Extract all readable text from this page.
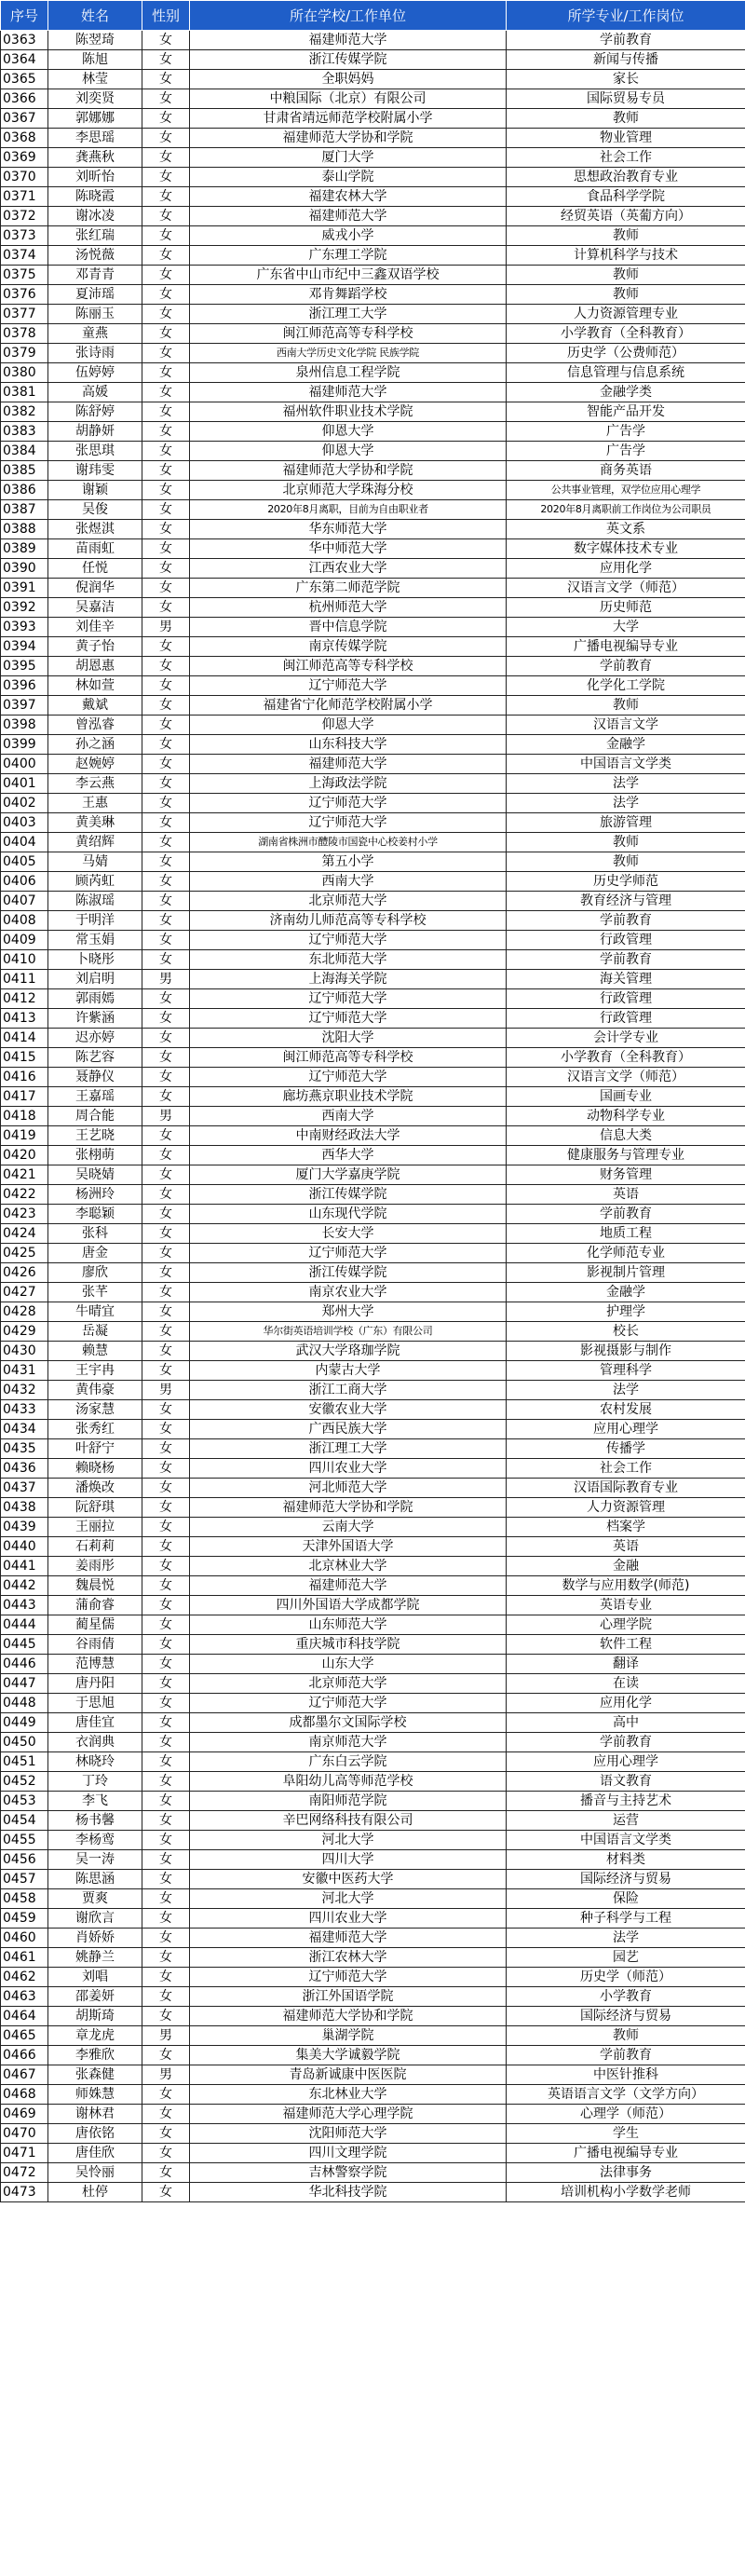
序号	姓名	性别	所在学校/工作单位	所学专业/工作岗位
0363	陈翌琦	女	福建师范大学	学前教育
0364	陈旭	女	浙江传媒学院	新闻与传播
0365	林莹	女	全职妈妈	家长
0366	刘奕贤	女	中粮国际（北京）有限公司	国际贸易专员
0367	郭娜娜	女	甘肃省靖远师范学校附属小学	教师
0368	李思瑶	女	福建师范大学协和学院	物业管理
0369	龚燕秋	女	厦门大学	社会工作
0370	刘昕怡	女	泰山学院	思想政治教育专业
0371	陈晓霞	女	福建农林大学	食品科学学院
0372	谢冰凌	女	福建师范大学	经贸英语（英葡方向）
0373	张红瑞	女	威戎小学	教师
0374	汤悦薇	女	广东理工学院	计算机科学与技术
0375	邓青青	女	广东省中山市纪中三鑫双语学校	教师
0376	夏沛瑶	女	邓肯舞蹈学校	教师
0377	陈丽玉	女	浙江理工大学	人力资源管理专业
0378	童燕	女	闽江师范高等专科学校	小学教育（全科教育）
0379	张诗雨	女	西南大学历史文化学院 民族学院	历史学（公费师范）
0380	伍婷婷	女	泉州信息工程学院	信息管理与信息系统
0381	高媛	女	福建师范大学	金融学类
0382	陈舒婷	女	福州软件职业技术学院	智能产品开发
0383	胡静妍	女	仰恩大学	广告学
0384	张思琪	女	仰恩大学	广告学
0385	谢玮雯	女	福建师范大学协和学院	商务英语
0386	谢颖	女	北京师范大学珠海分校	公共事业管理，双学位应用心理学
0387	吴俊	女	2020年8月离职，目前为自由职业者	2020年8月离职前工作岗位为公司职员
0388	张煜淇	女	华东师范大学	英文系
0389	苗雨虹	女	华中师范大学	数字媒体技术专业
0390	任悦	女	江西农业大学	应用化学
0391	倪润华	女	广东第二师范学院	汉语言文学（师范）
0392	吴嘉洁	女	杭州师范大学	历史师范
0393	刘佳辛	男	晋中信息学院	大学
0394	黄子怡	女	南京传媒学院	广播电视编导专业
0395	胡恩惠	女	闽江师范高等专科学校	学前教育
0396	林如萱	女	辽宁师范大学	化学化工学院
0397	戴斌	女	福建省宁化师范学校附属小学	教师
0398	曾泓睿	女	仰恩大学	汉语言文学
0399	孙之涵	女	山东科技大学	金融学
0400	赵婉婷	女	福建师范大学	中国语言文学类
0401	李云燕	女	上海政法学院	法学
0402	王惠	女	辽宁师范大学	法学
0403	黄美琳	女	辽宁师范大学	旅游管理
0404	黄绍辉	女	湖南省株洲市醴陵市国瓷中心校姜村小学	教师
0405	马婧	女	第五小学	教师
0406	顾芮虹	女	西南大学	历史学师范
0407	陈淑瑶	女	北京师范大学	教育经济与管理
0408	于明洋	女	济南幼儿师范高等专科学校	学前教育
0409	常玉娟	女	辽宁师范大学	行政管理
0410	卜晓彤	女	东北师范大学	学前教育
0411	刘启明	男	上海海关学院	海关管理
0412	郭雨嫣	女	辽宁师范大学	行政管理
0413	许紫涵	女	辽宁师范大学	行政管理
0414	迟亦婷	女	沈阳大学	会计学专业
0415	陈艺容	女	闽江师范高等专科学校	小学教育（全科教育）
0416	聂静仪	女	辽宁师范大学	汉语言文学（师范）
0417	王嘉瑶	女	廊坊燕京职业技术学院	国画专业
0418	周合能	男	西南大学	动物科学专业
0419	王艺晓	女	中南财经政法大学	信息大类
0420	张栩萌	女	西华大学	健康服务与管理专业
0421	吴晓婧	女	厦门大学嘉庚学院	财务管理
0422	杨洲玲	女	浙江传媒学院	英语
0423	李聪颖	女	山东现代学院	学前教育
0424	张科	女	长安大学	地质工程
0425	唐金	女	辽宁师范大学	化学师范专业
0426	廖欣	女	浙江传媒学院	影视制片管理
0427	张芊	女	南京农业大学	金融学
0428	牛晴宜	女	郑州大学	护理学
0429	岳凝	女	华尔街英语培训学校（广东）有限公司	校长
0430	赖慧	女	武汉大学珞珈学院	影视摄影与制作
0431	王宇冉	女	内蒙古大学	管理科学
0432	黄伟豪	男	浙江工商大学	法学
0433	汤家慧	女	安徽农业大学	农村发展
0434	张秀红	女	广西民族大学	应用心理学
0435	叶舒宁	女	浙江理工大学	传播学
0436	赖晓杨	女	四川农业大学	社会工作
0437	潘焕改	女	河北师范大学	汉语国际教育专业
0438	阮舒琪	女	福建师范大学协和学院	人力资源管理
0439	王丽拉	女	云南大学	档案学
0440	石莉莉	女	天津外国语大学	英语
0441	姜雨彤	女	北京林业大学	金融
0442	魏晨悦	女	福建师范大学	数学与应用数学(师范)
0443	蒲俞睿	女	四川外国语大学成都学院	英语专业
0444	蔺星儒	女	山东师范大学	心理学院
0445	谷雨倩	女	重庆城市科技学院	软件工程
0446	范博慧	女	山东大学	翻译
0447	唐丹阳	女	北京师范大学	在读
0448	于思旭	女	辽宁师范大学	应用化学
0449	唐佳宜	女	成都墨尔文国际学校	高中
0450	衣润典	女	南京师范大学	学前教育
0451	林晓玲	女	广东白云学院	应用心理学
0452	丁玲	女	阜阳幼儿高等师范学校	语文教育
0453	李飞	女	南阳师范学院	播音与主持艺术
0454	杨书馨	女	辛巴网络科技有限公司	运营
0455	李杨鸾	女	河北大学	中国语言文学类
0456	吴一涛	女	四川大学	材料类
0457	陈思涵	女	安徽中医药大学	国际经济与贸易
0458	贾爽	女	河北大学	保险
0459	谢欣言	女	四川农业大学	种子科学与工程
0460	肖娇娇	女	福建师范大学	法学
0461	姚静兰	女	浙江农林大学	园艺
0462	刘唱	女	辽宁师范大学	历史学（师范）
0463	邵姜妍	女	浙江外国语学院	小学教育
0464	胡斯琦	女	福建师范大学协和学院	国际经济与贸易
0465	章龙虎	男	巢湖学院	教师
0466	李雅欣	女	集美大学诚毅学院	学前教育
0467	张森健	男	青岛新诚康中医医院	中医针推科
0468	师姝慧	女	东北林业大学	英语语言文学（文学方向）
0469	谢林君	女	福建师范大学心理学院	心理学（师范）
0470	唐依铭	女	沈阳师范大学	学生
0471	唐佳欣	女	四川文理学院	广播电视编导专业
0472	吴怜丽	女	吉林警察学院	法律事务
0473	杜停	女	华北科技学院	培训机构小学数学老师
